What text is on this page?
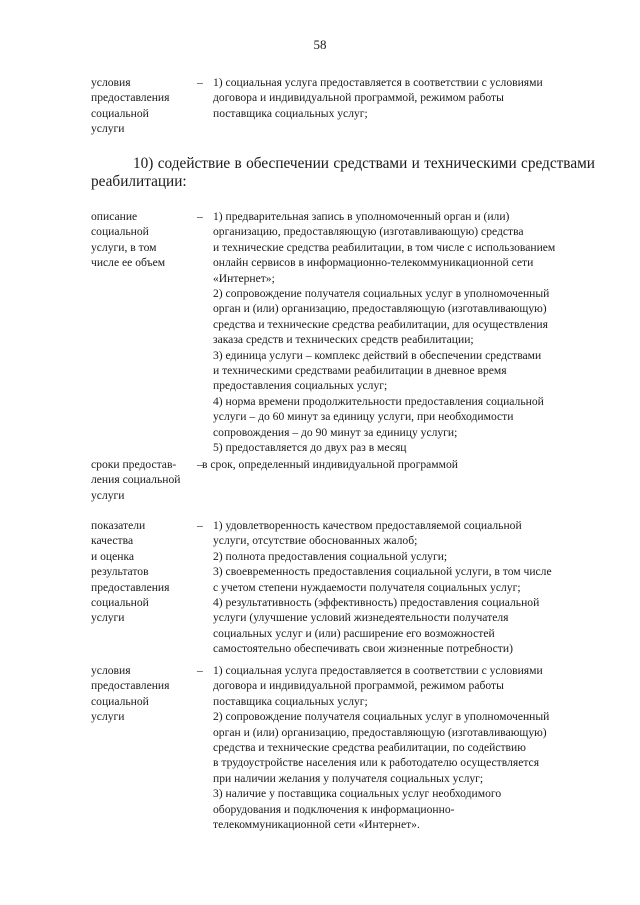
58
условия
предоставления
социальной
услуги
– 1) социальная услуга предоставляется в соответствии с условиями
договора и индивидуальной программой, режимом работы
поставщика социальных услуг;
10) содействие в обеспечении средствами и техническими средствами
реабилитации:
описание
социальной
услуги, в том
числе ее объем
– 1) предварительная запись в уполномоченный орган и (или)
организацию, предоставляющую (изготавливающую) средства
и технические средства реабилитации, в том числе с использованием
онлайн сервисов в информационно-телекоммуникационной сети
«Интернет»;
2) сопровождение получателя социальных услуг в уполномоченный
орган и (или) организацию, предоставляющую (изготавливающую)
средства и технические средства реабилитации, для осуществления
заказа средств и технических средств реабилитации;
3) единица услуги – комплекс действий в обеспечении средствами
и техническими средствами реабилитации в дневное время
предоставления социальных услуг;
4) норма времени продолжительности предоставления социальной
услуги – до 60 минут за единицу услуги, при необходимости
сопровождения – до 90 минут за единицу услуги;
5) предоставляется до двух раз в месяц
сроки предостав-
ления социальной
услуги
– в срок, определенный индивидуальной программой
показатели
качества
и оценка
результатов
предоставления
социальной
услуги
– 1) удовлетворенность качеством предоставляемой социальной
услуги, отсутствие обоснованных жалоб;
2) полнота предоставления социальной услуги;
3) своевременность предоставления социальной услуги, в том числе
с учетом степени нуждаемости получателя социальных услуг;
4) результативность (эффективность) предоставления социальной
услуги (улучшение условий жизнедеятельности получателя
социальных услуг и (или) расширение его возможностей
самостоятельно обеспечивать свои жизненные потребности)
условия
предоставления
социальной
услуги
– 1) социальная услуга предоставляется в соответствии с условиями
договора и индивидуальной программой, режимом работы
поставщика социальных услуг;
2) сопровождение получателя социальных услуг в уполномоченный
орган и (или) организацию, предоставляющую (изготавливающую)
средства и технические средства реабилитации, по содействию
в трудоустройстве населения или к работодателю осуществляется
при наличии желания у получателя социальных услуг;
3) наличие у поставщика социальных услуг необходимого
оборудования и подключения к информационно-
телекоммуникационной сети «Интернет».
